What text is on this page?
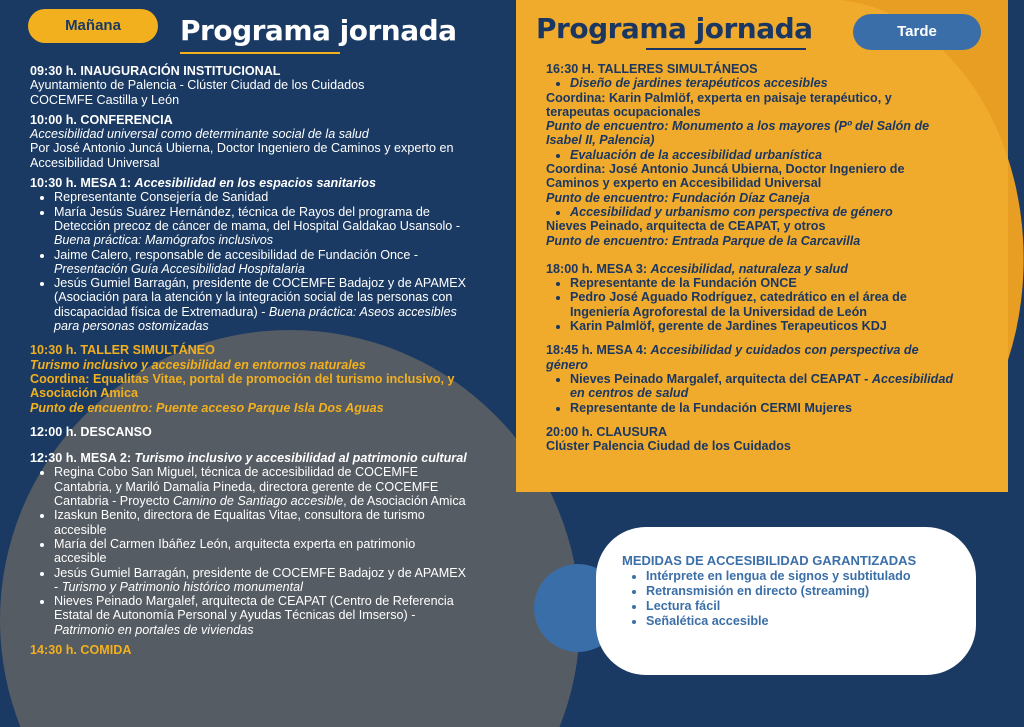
Mañana	Programa jornada	Programa jornada	Tarde
09:30 h. INAUGURACIÓN INSTITUCIONAL
Ayuntamiento de Palencia - Clúster Ciudad de los Cuidados
COCEMFE Castilla y León
10:00 h. CONFERENCIA
Accesibilidad universal como determinante social de la salud
Por José Antonio Juncá Ubierna, Doctor Ingeniero de Caminos y experto en Accesibilidad Universal
10:30 h. MESA 1: Accesibilidad en los espacios sanitarios
• Representante Consejería de Sanidad
• María Jesús Suárez Hernández, técnica de Rayos del programa de Detección precoz de cáncer de mama, del Hospital Galdakao Usansolo - Buena práctica: Mamógrafos inclusivos
• Jaime Calero, responsable de accesibilidad de Fundación Once - Presentación Guía Accesibilidad Hospitalaria
• Jesús Gumiel Barragán, presidente de COCEMFE Badajoz y de APAMEX (Asociación para la atención y la integración social de las personas con discapacidad física de Extremadura) - Buena práctica: Aseos accesibles para personas ostomizadas
10:30 h. TALLER SIMULTÁNEO
Turismo inclusivo y accesibilidad en entornos naturales
Coordina: Equalitas Vitae, portal de promoción del turismo inclusivo, y Asociación Amica
Punto de encuentro: Puente acceso Parque Isla Dos Aguas
12:00 h. DESCANSO
12:30 h. MESA 2: Turismo inclusivo y accesibilidad al patrimonio cultural
• Regina Cobo San Miguel, técnica de accesibilidad de COCEMFE Cantabria, y Mariló Damalia Pineda, directora gerente de COCEMFE Cantabria - Proyecto Camino de Santiago accesible, de Asociación Amica
• Izaskun Benito, directora de Equalitas Vitae, consultora de turismo accesible
• María del Carmen Ibáñez León, arquitecta experta en patrimonio accesible
• Jesús Gumiel Barragán, presidente de COCEMFE Badajoz y de APAMEX - Turismo y Patrimonio histórico monumental
• Nieves Peinado Margalef, arquitecta de CEAPAT (Centro de Referencia Estatal de Autonomía Personal y Ayudas Técnicas del Imserso) - Patrimonio en portales de viviendas
14:30 h. COMIDA
16:30 H. TALLERES SIMULTÁNEOS
• Diseño de jardines terapéuticos accesibles
Coordina: Karin Palmlöf, experta en paisaje terapéutico, y terapeutas ocupacionales
Punto de encuentro: Monumento a los mayores (Pº del Salón de Isabel II, Palencia)
• Evaluación de la accesibilidad urbanística
Coordina: José Antonio Juncá Ubierna, Doctor Ingeniero de Caminos y experto en Accesibilidad Universal
Punto de encuentro: Fundación Díaz Caneja
• Accesibilidad y urbanismo con perspectiva de género
Nieves Peinado, arquitecta de CEAPAT, y otros
Punto de encuentro: Entrada Parque de la Carcavilla
18:00 h. MESA 3: Accesibilidad, naturaleza y salud
• Representante de la Fundación ONCE
• Pedro José Aguado Rodríguez, catedrático en el área de Ingeniería Agroforestal de la Universidad de León
• Karin Palmlöf, gerente de Jardines Terapeuticos KDJ
18:45 h. MESA 4: Accesibilidad y cuidados con perspectiva de género
• Nieves Peinado Margalef, arquitecta del CEAPAT - Accesibilidad en centros de salud
• Representante de la Fundación CERMI Mujeres
20:00 h. CLAUSURA
Clúster Palencia Ciudad de los Cuidados
MEDIDAS DE ACCESIBILIDAD GARANTIZADAS
• Intérprete en lengua de signos y subtitulado
• Retransmisión en directo (streaming)
• Lectura fácil
• Señalética accesible
